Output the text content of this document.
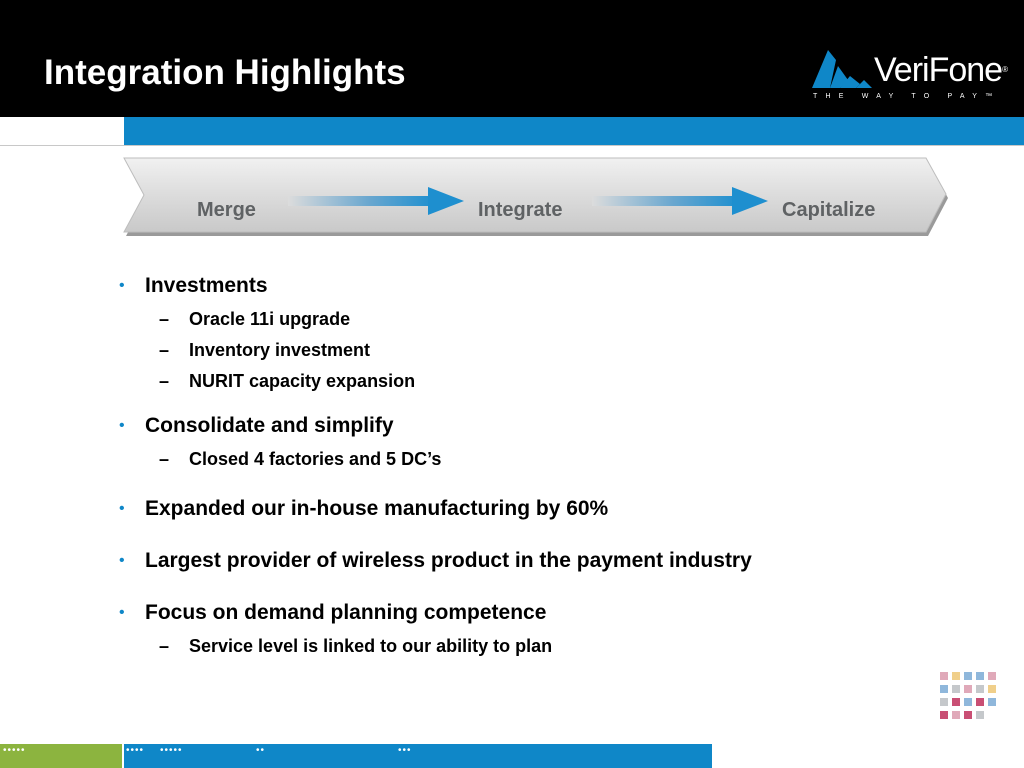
Integration Highlights	VeriFone®
THE WAY TO PAY™
Merge	Integrate	Capitalize
• Investments
– Oracle 11i upgrade
– Inventory investment
– NURIT capacity expansion
• Consolidate and simplify
– Closed 4 factories and 5 DC’s
• Expanded our in-house manufacturing by 60%
• Largest provider of wireless product in the payment industry
• Focus on demand planning competence
– Service level is linked to our ability to plan
•••••	•••• •••••	••	•••
